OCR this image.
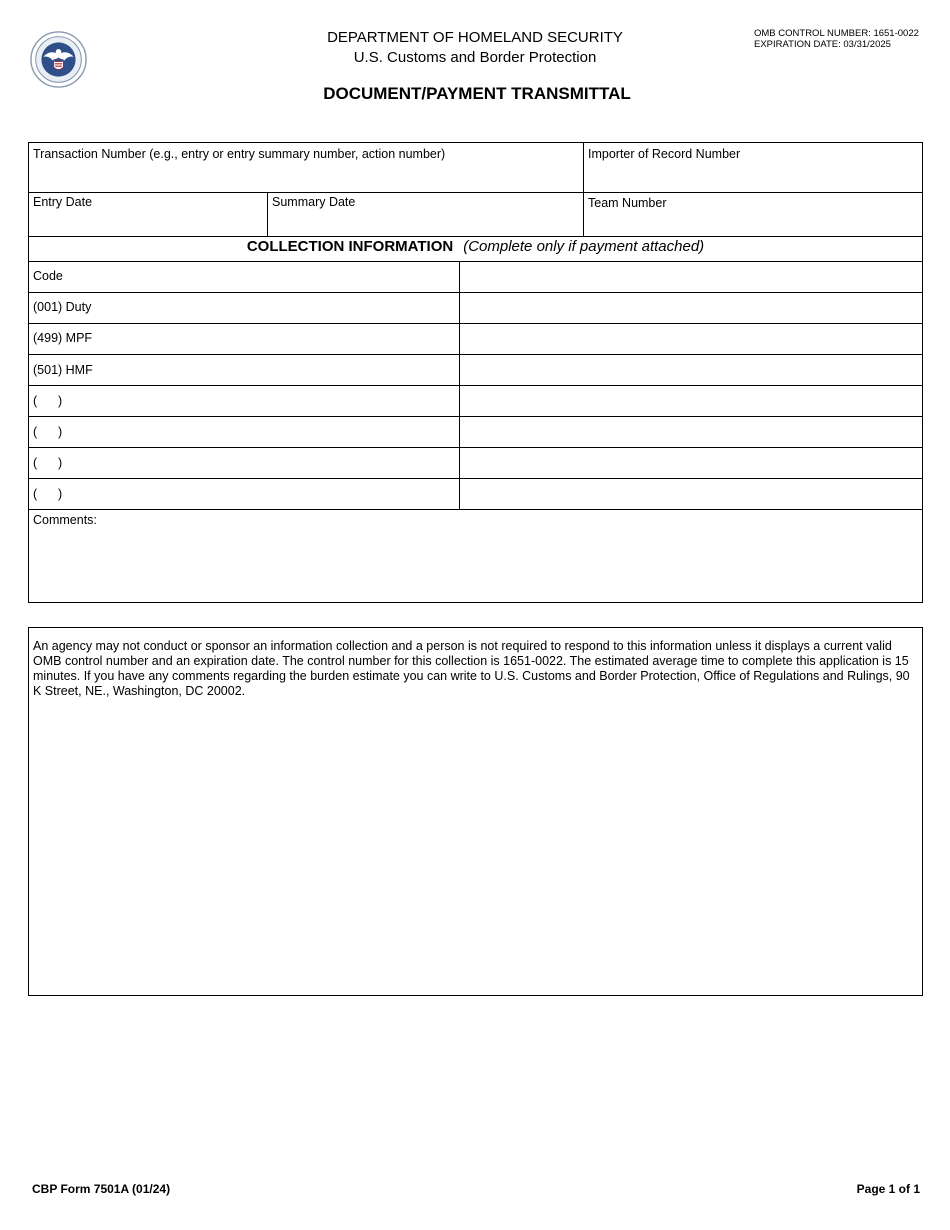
DEPARTMENT OF HOMELAND SECURITY
U.S. Customs and Border Protection
OMB CONTROL NUMBER: 1651-0022
EXPIRATION DATE: 03/31/2025
DOCUMENT/PAYMENT TRANSMITTAL
Transaction Number (e.g., entry or entry summary number, action number)	Importer of Record Number
Entry Date	Summary Date	Team Number
COLLECTION INFORMATION (Complete only if payment attached)
Code
(001) Duty
(499) MPF
(501) HMF
(      )
(      )
(      )
(      )
Comments:
An agency may not conduct or sponsor an information collection and a person is not required to respond to this information unless it displays a current valid OMB control number and an expiration date. The control number for this collection is 1651-0022. The estimated average time to complete this application is 15 minutes. If you have any comments regarding the burden estimate you can write to U.S. Customs and Border Protection, Office of Regulations and Rulings, 90 K Street, NE., Washington, DC 20002.
CBP Form 7501A (01/24)	Page 1 of 1
